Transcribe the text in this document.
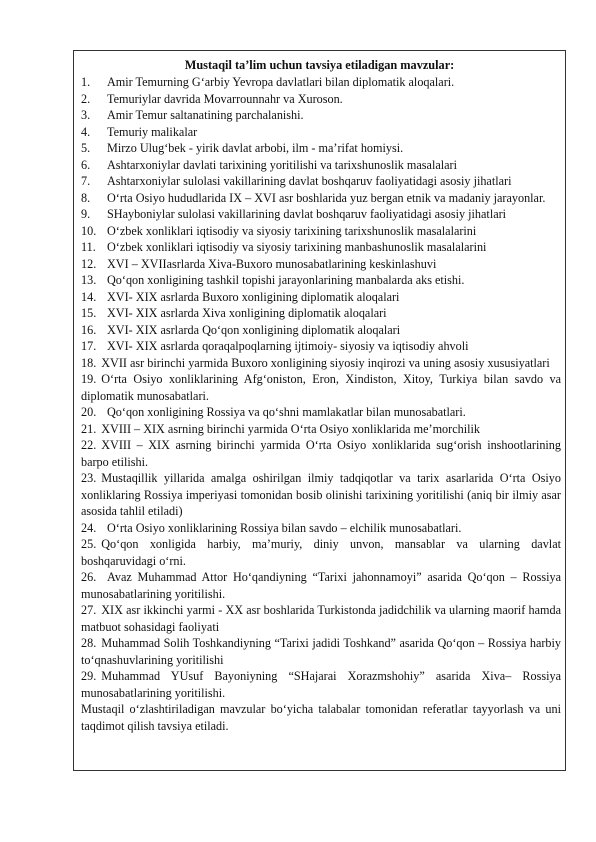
Mustaqil ta’lim uchun tavsiya etiladigan mavzular:
1. Amir Temurning G‘arbiy Yevropa davlatlari bilan diplomatik aloqalari.
2. Temuriylar davrida Movarrounnahr va Xuroson.
3. Amir Temur saltanatining parchalanishi.
4. Temuriy malikalar
5. Mirzo Ulug‘bek - yirik davlat arbobi, ilm - ma’rifat homiysi.
6. Ashtarxoniylar davlati tarixining yoritilishi va tarixshunoslik masalalari
7. Ashtarxoniylar sulolasi vakillarining davlat boshqaruv faoliyatidagi asosiy jihatlari
8. O‘rta Osiyo hududlarida IX – XVI asr boshlarida yuz bergan etnik va madaniy jarayonlar.
9. SHayboniylar sulolasi vakillarining davlat boshqaruv faoliyatidagi asosiy jihatlari
10. O‘zbek xonliklari iqtisodiy va siyosiy tarixining tarixshunoslik masalalarini
11. O‘zbek xonliklari iqtisodiy va siyosiy tarixining manbashunoslik masalalarini
12. XVI – XVIIasrlarda Xiva-Buxoro munosabatlarining keskinlashuvi
13. Qo‘qon xonligining tashkil topishi jarayonlarining manbalarda aks etishi.
14. XVI- XIX asrlarda Buxoro xonligining diplomatik aloqalari
15. XVI- XIX asrlarda Xiva xonligining diplomatik aloqalari
16. XVI- XIX asrlarda Qo‘qon xonligining diplomatik aloqalari
17. XVI- XIX asrlarda qoraqalpoqlarning ijtimoiy- siyosiy va iqtisodiy ahvoli
18. XVII asr birinchi yarmida Buxoro xonligining siyosiy inqirozi va uning asosiy xususiyatlari
19. O‘rta Osiyo xonliklarining Afg‘oniston, Eron, Xindiston, Xitoy, Turkiya bilan savdo va diplomatik munosabatlari.
20. Qo‘qon xonligining Rossiya va qo‘shni mamlakatlar bilan munosabatlari.
21. XVIII – XIX asrning birinchi yarmida O‘rta Osiyo xonliklarida me’morchilik
22. XVIII – XIX asrning birinchi yarmida O‘rta Osiyo xonliklarida sug‘orish inshootlarining barpo etilishi.
23. Mustaqillik yillarida amalga oshirilgan ilmiy tadqiqotlar va tarix asarlarida O‘rta Osiyo xonliklaring Rossiya imperiyasi tomonidan bosib olinishi tarixining yoritilishi (aniq bir ilmiy asar asosida tahlil etiladi)
24. O‘rta Osiyo xonliklarining Rossiya bilan savdo – elchilik munosabatlari.
25. Qo‘qon xonligida harbiy, ma’muriy, diniy unvon, mansablar va ularning davlat boshqaruvidagi o‘rni.
26. Avaz Muhammad Attor Ho‘qandiyning “Tarixi jahonnamoyi” asarida Qo‘qon – Rossiya munosabatlarining yoritilishi.
27. XIX asr ikkinchi yarmi - XX asr boshlarida Turkistonda jadidchilik va ularning maorif hamda matbuot sohasidagi faoliyati
28. Muhammad Solih Toshkandiyning “Tarixi jadidi Toshkand” asarida Qo‘qon – Rossiya harbiy to‘qnashuvlarining yoritilishi
29. Muhammad YUsuf Bayoniyning “SHajarai Xorazmshohiy” asarida Xiva– Rossiya munosabatlarining yoritilishi.
Mustaqil o‘zlashtiriladigan mavzular bo‘yicha talabalar tomonidan referatlar tayyorlash va uni taqdimot qilish tavsiya etiladi.
